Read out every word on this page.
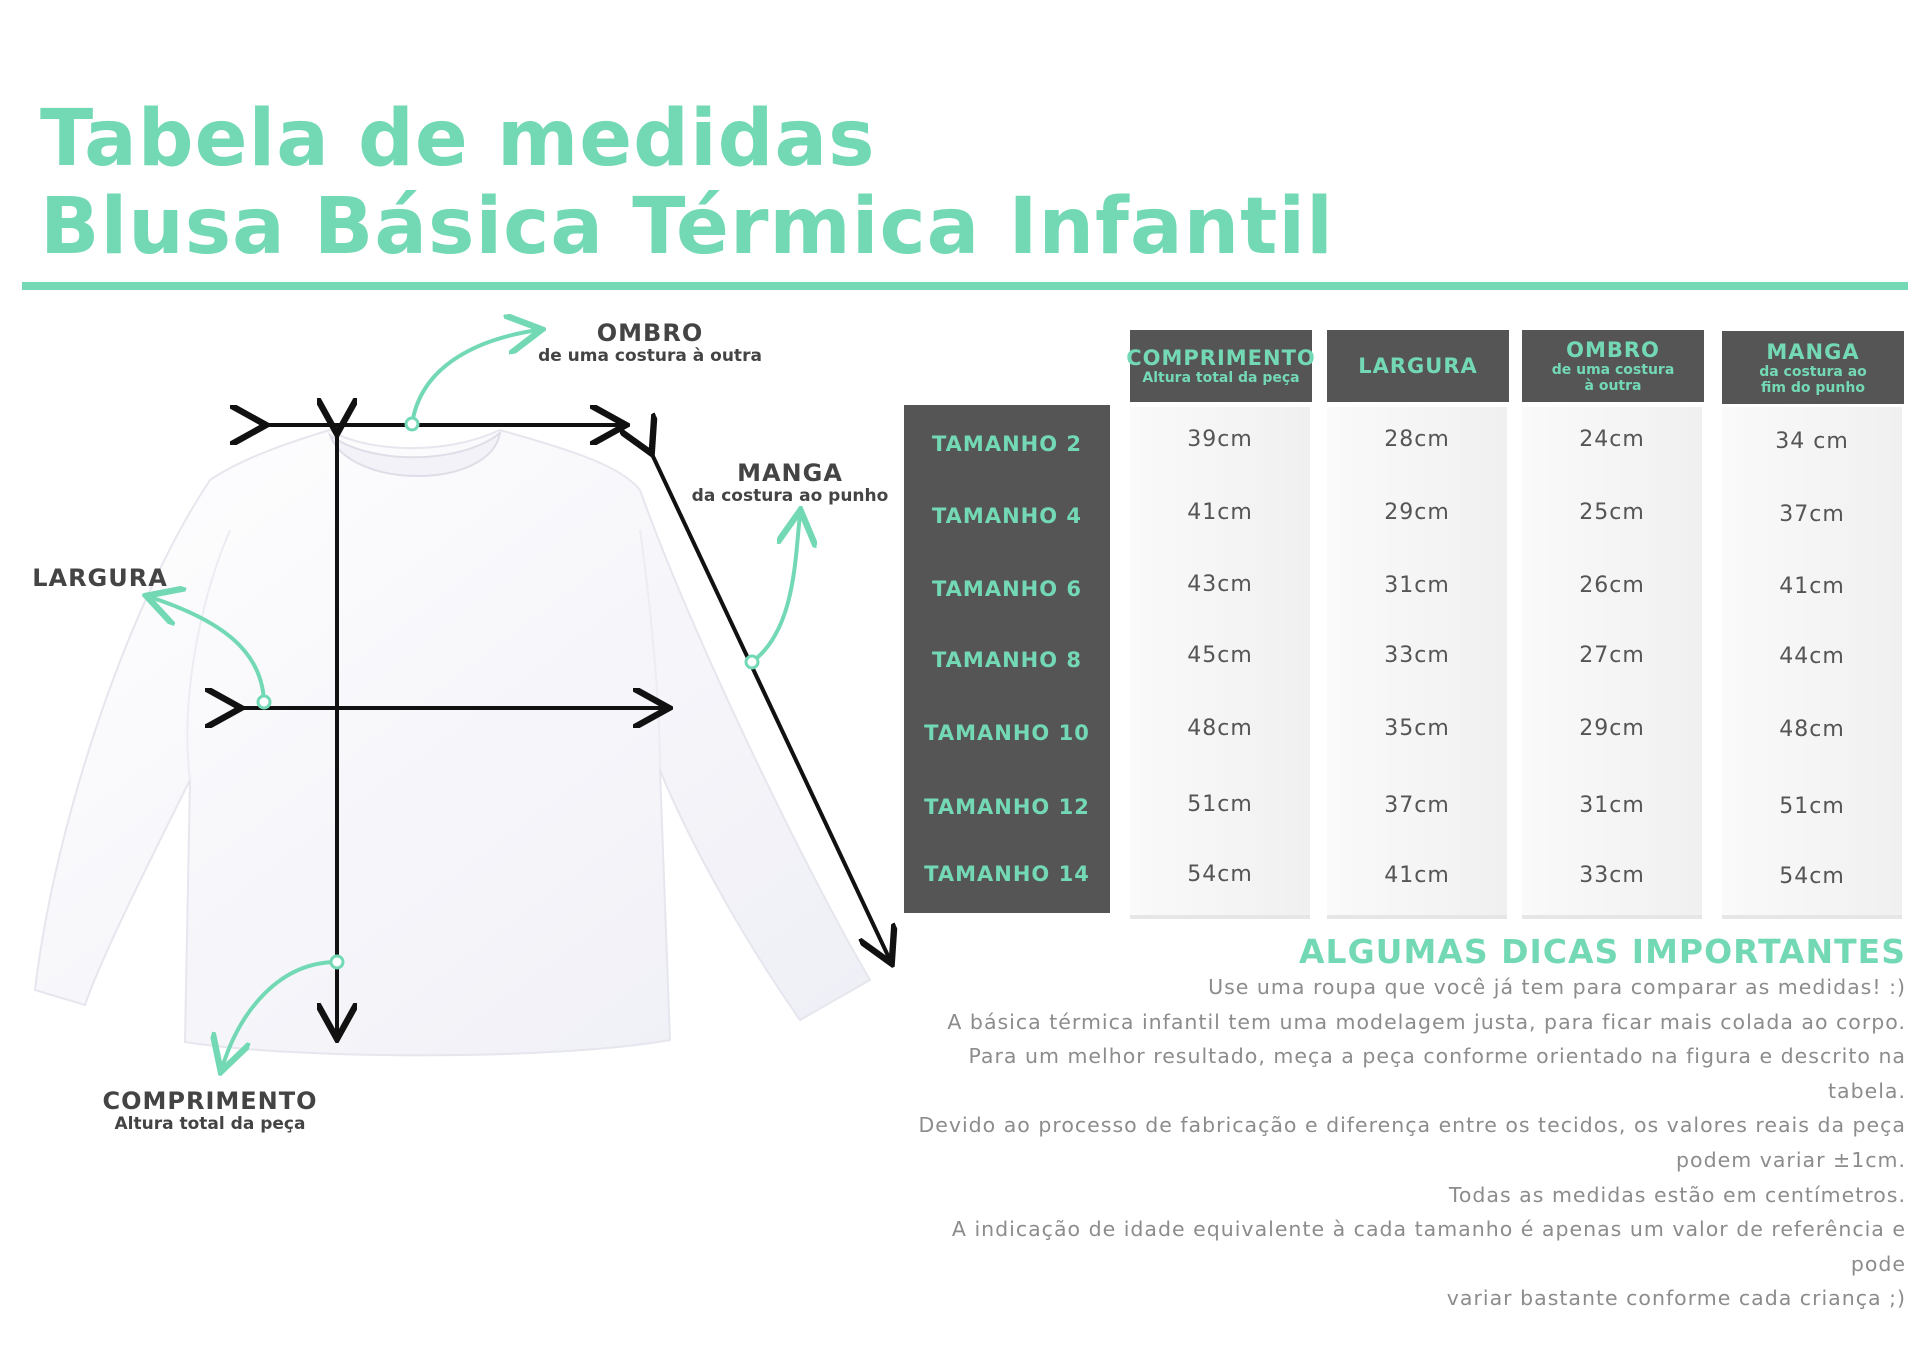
Tabela de medidas
Blusa Básica Térmica Infantil
OMBRO
de uma costura à outra
MANGA
da costura ao punho
LARGURA
COMPRIMENTO
Altura total da peça
TAMANHO 2
TAMANHO 4
TAMANHO 6
TAMANHO 8
TAMANHO 10
TAMANHO 12
TAMANHO 14
COMPRIMENTO
Altura total da peça
39cm
41cm
43cm
45cm
48cm
51cm
54cm
LARGURA
28cm
29cm
31cm
33cm
35cm
37cm
41cm
OMBRO
de uma costura
à outra
24cm
25cm
26cm
27cm
29cm
31cm
33cm
MANGA
da costura ao
fim do punho
34 cm
37cm
41cm
44cm
48cm
51cm
54cm
ALGUMAS DICAS IMPORTANTES

Use uma roupa que você já tem para comparar as medidas! :)

A básica térmica infantil tem uma modelagem justa, para ficar mais colada ao corpo.

Para um melhor resultado, meça a peça conforme orientado na figura e descrito na tabela.

Devido ao processo de fabricação e diferença entre os tecidos, os valores reais da peça

podem variar ±1cm.

Todas as medidas estão em centímetros.

A indicação de idade equivalente à cada tamanho é apenas um valor de referência e pode

variar bastante conforme cada criança ;)
